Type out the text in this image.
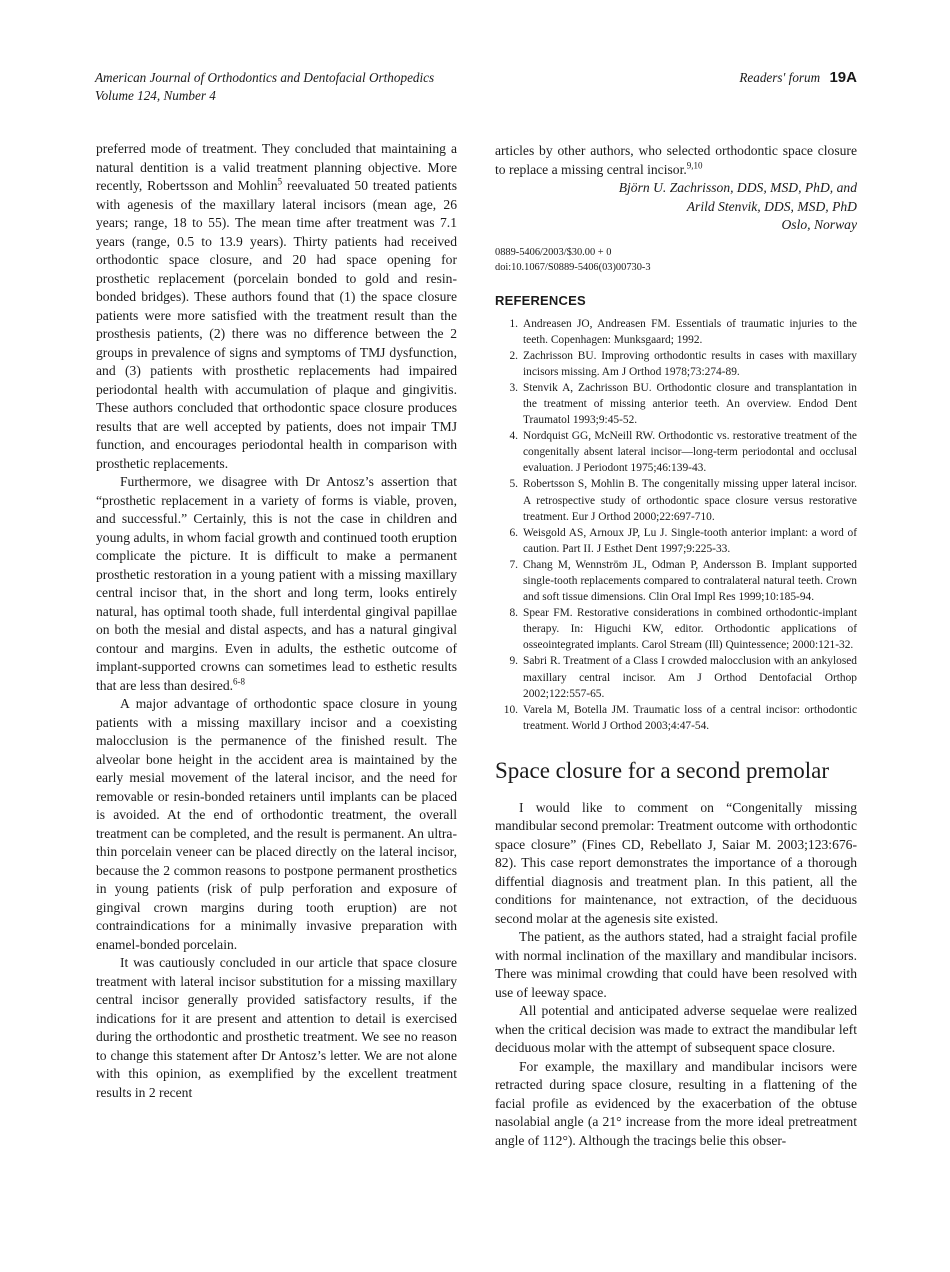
American Journal of Orthodontics and Dentofacial Orthopedics
Volume 124, Number 4
Readers' forum 19A

preferred mode of treatment. They concluded that maintaining a natural dentition is a valid treatment planning objective. More recently, Robertsson and Mohlin$^5$ reevaluated 50 treated patients with agenesis of the maxillary lateral incisors (mean age, 26 years; range, 18 to 55). The mean time after treatment was 7.1 years (range, 0.5 to 13.9 years). Thirty patients had received orthodontic space closure, and 20 had space opening for prosthetic replacement (porcelain bonded to gold and resin-bonded bridges). These authors found that (1) the space closure patients were more satisfied with the treatment result than the prosthesis patients, (2) there was no difference between the 2 groups in prevalence of signs and symptoms of TMJ dysfunction, and (3) patients with prosthetic replacements had impaired periodontal health with accumulation of plaque and gingivitis. These authors concluded that orthodontic space closure produces results that are well accepted by patients, does not impair TMJ function, and encourages periodontal health in comparison with prosthetic replacements.

Furthermore, we disagree with Dr Antosz’s assertion that “prosthetic replacement in a variety of forms is viable, proven, and successful.” Certainly, this is not the case in children and young adults, in whom facial growth and continued tooth eruption complicate the picture. It is difficult to make a permanent prosthetic restoration in a young patient with a missing maxillary central incisor that, in the short and long term, looks entirely natural, has optimal tooth shade, full interdental gingival papillae on both the mesial and distal aspects, and has a natural gingival contour and margins. Even in adults, the esthetic outcome of implant-supported crowns can sometimes lead to esthetic results that are less than desired.$^{6-8}$

A major advantage of orthodontic space closure in young patients with a missing maxillary incisor and a coexisting malocclusion is the permanence of the finished result. The alveolar bone height in the accident area is maintained by the early mesial movement of the lateral incisor, and the need for removable or resin-bonded retainers until implants can be placed is avoided. At the end of orthodontic treatment, the overall treatment can be completed, and the result is permanent. An ultra-thin porcelain veneer can be placed directly on the lateral incisor, because the 2 common reasons to postpone permanent prosthetics in young patients (risk of pulp perforation and exposure of gingival crown margins during tooth eruption) are not contraindications for a minimally invasive preparation with enamel-bonded porcelain.

It was cautiously concluded in our article that space closure treatment with lateral incisor substitution for a missing maxillary central incisor generally provided satisfactory results, if the indications for it are present and attention to detail is exercised during the orthodontic and prosthetic treatment. We see no reason to change this statement after Dr Antosz’s letter. We are not alone with this opinion, as exemplified by the excellent treatment results in 2 recent

articles by other authors, who selected orthodontic space closure to replace a missing central incisor.$^{9,10}$

Björn U. Zachrisson, DDS, MSD, PhD, and
Arild Stenvik, DDS, MSD, PhD
Oslo, Norway
0889-5406/2003/$30.00 + 0
doi:10.1067/S0889-5406(03)00730-3
REFERENCES
1. Andreasen JO, Andreasen FM. Essentials of traumatic injuries to the teeth. Copenhagen: Munksgaard; 1992.
2. Zachrisson BU. Improving orthodontic results in cases with maxillary incisors missing. Am J Orthod 1978;73:274-89.
3. Stenvik A, Zachrisson BU. Orthodontic closure and transplantation in the treatment of missing anterior teeth. An overview. Endod Dent Traumatol 1993;9:45-52.
4. Nordquist GG, McNeill RW. Orthodontic vs. restorative treatment of the congenitally absent lateral incisor—long-term periodontal and occlusal evaluation. J Periodont 1975;46:139-43.
5. Robertsson S, Mohlin B. The congenitally missing upper lateral incisor. A retrospective study of orthodontic space closure versus restorative treatment. Eur J Orthod 2000;22:697-710.
6. Weisgold AS, Arnoux JP, Lu J. Single-tooth anterior implant: a word of caution. Part II. J Esthet Dent 1997;9:225-33.
7. Chang M, Wennström JL, Odman P, Andersson B. Implant supported single-tooth replacements compared to contralateral natural teeth. Crown and soft tissue dimensions. Clin Oral Impl Res 1999;10:185-94.
8. Spear FM. Restorative considerations in combined orthodontic-implant therapy. In: Higuchi KW, editor. Orthodontic applications of osseointegrated implants. Carol Stream (Ill) Quintessence; 2000:121-32.
9. Sabri R. Treatment of a Class I crowded malocclusion with an ankylosed maxillary central incisor. Am J Orthod Dentofacial Orthop 2002;122:557-65.
10. Varela M, Botella JM. Traumatic loss of a central incisor: orthodontic treatment. World J Orthod 2003;4:47-54.
Space closure for a second premolar

I would like to comment on “Congenitally missing mandibular second premolar: Treatment outcome with orthodontic space closure” (Fines CD, Rebellato J, Saiar M. 2003;123:676-82). This case report demonstrates the importance of a thorough diffential diagnosis and treatment plan. In this patient, all the conditions for maintenance, not extraction, of the deciduous second molar at the agenesis site existed.

The patient, as the authors stated, had a straight facial profile with normal inclination of the maxillary and mandibular incisors. There was minimal crowding that could have been resolved with use of leeway space.

All potential and anticipated adverse sequelae were realized when the critical decision was made to extract the mandibular left deciduous molar with the attempt of subsequent space closure.

For example, the maxillary and mandibular incisors were retracted during space closure, resulting in a flattening of the facial profile as evidenced by the exacerbation of the obtuse nasolabial angle (a 21° increase from the more ideal pretreatment angle of 112°). Although the tracings belie this obser-
